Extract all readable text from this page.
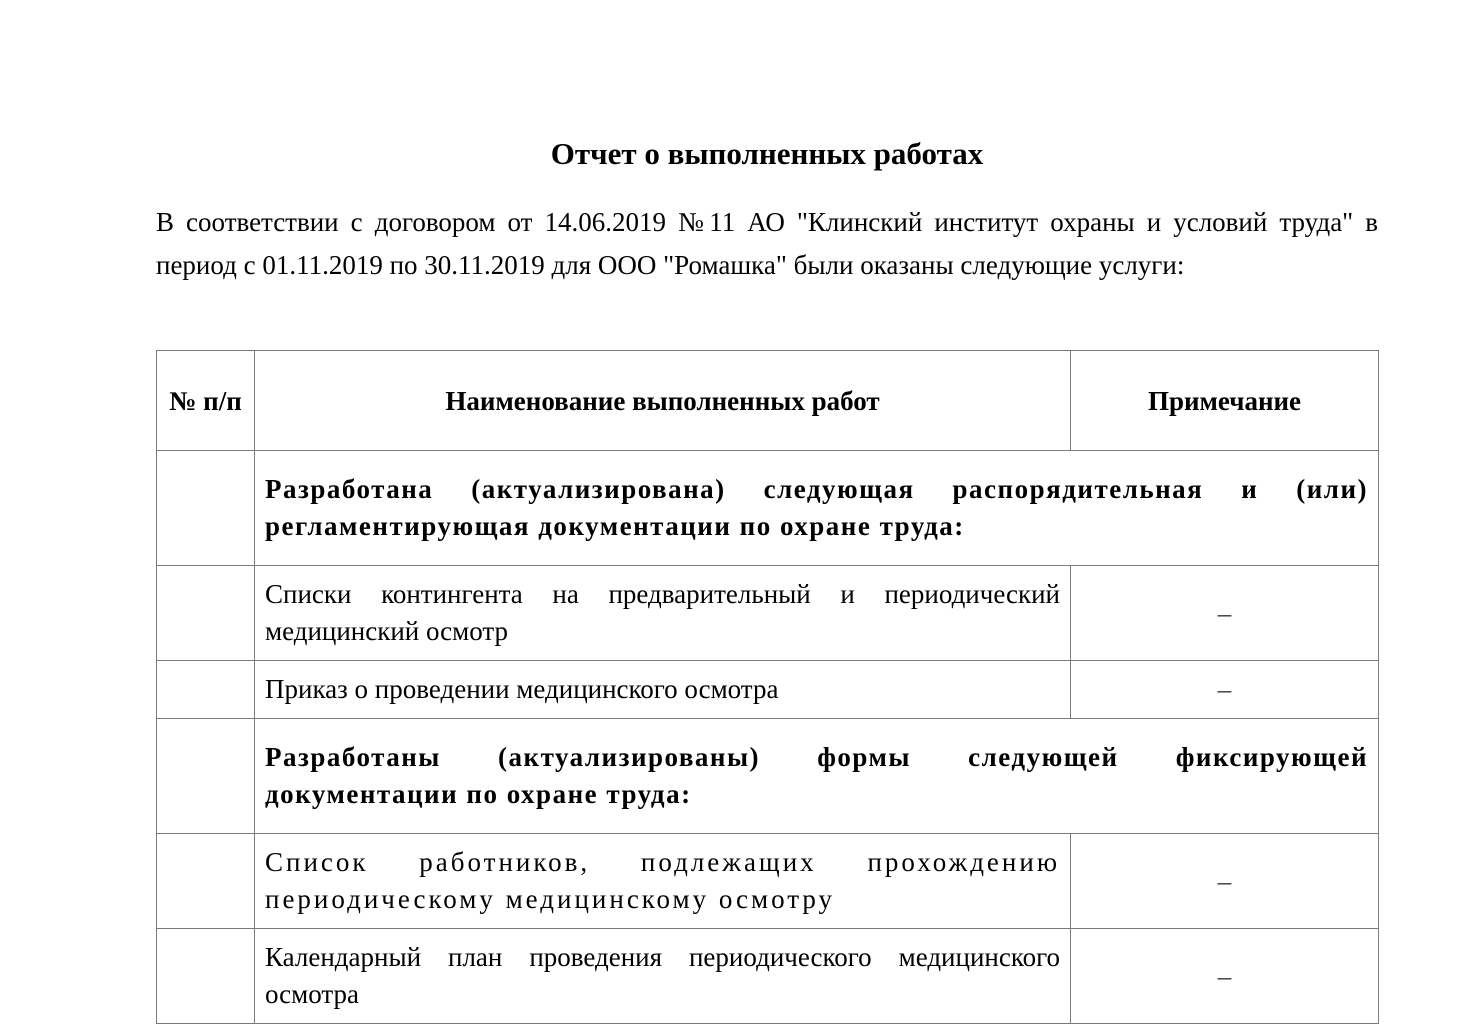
Отчет о выполненных работах

В соответствии с договором от 14.06.2019 №11 АО "Клинский институт охраны и условий труда" в период с 01.11.2019 по 30.11.2019 для ООО "Ромашка" были оказаны следующие услуги:

№ п/п	Наименование выполненных работ	Примечание
	Разработана (актуализирована) следующая распорядительная и (или) регламентирующая документации по охране труда:	
	Списки контингента на предварительный и периодический медицинский осмотр	–
	Приказ о проведении медицинского осмотра	–
	Разработаны (актуализированы) формы следующей фиксирующей документации по охране труда:	
	Список работников, подлежащих прохождению периодическому медицинскому осмотру	–
	Календарный план проведения периодического медицинского осмотра	–
